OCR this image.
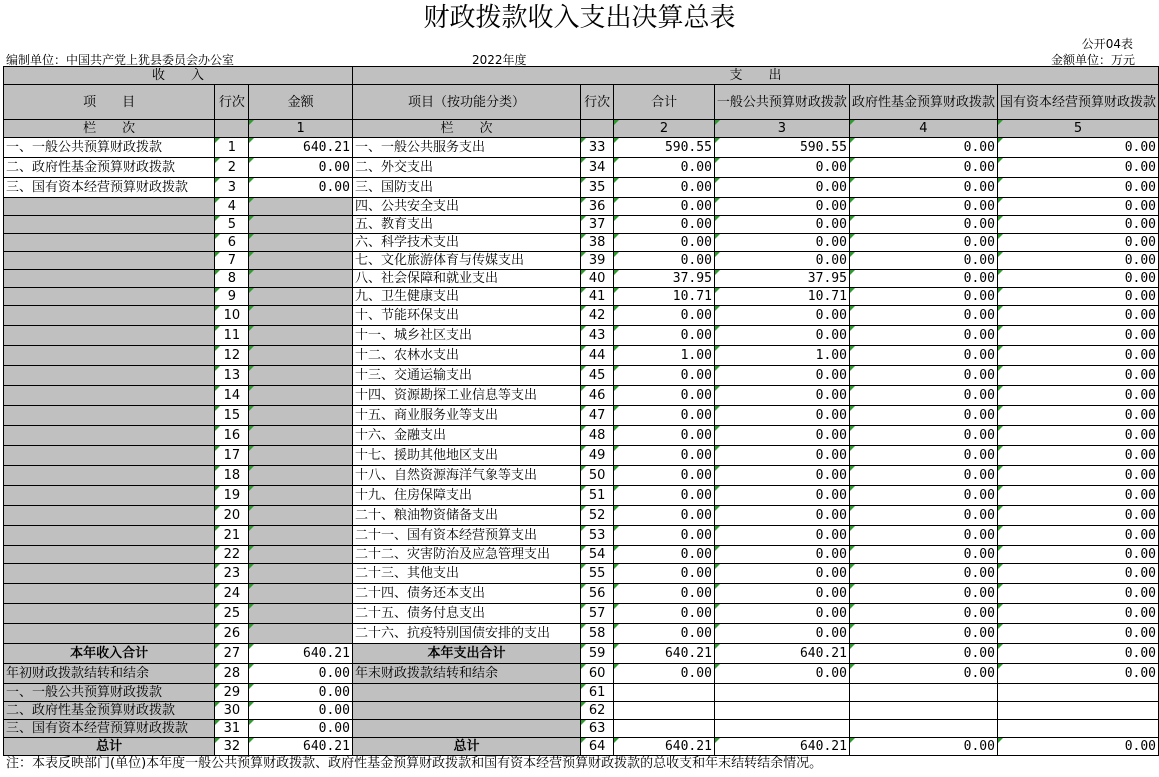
财政拨款收入支出决算总表
公开04表
编制单位：中国共产党上犹县委员会办公室	2022年度	金额单位：万元
收　　入			支　　出					
项　　目	行次	金额	项目（按功能分类）	行次	合计	一般公共预算财政拨款	政府性基金预算财政拨款	国有资本经营预算财政拨款
栏　　次		1	栏　　次		2	3	4	5
一、一般公共预算财政拨款	1	640.21	一、一般公共服务支出	33	590.55	590.55	0.00	0.00
二、政府性基金预算财政拨款	2	0.00	二、外交支出	34	0.00	0.00	0.00	0.00
三、国有资本经营预算财政拨款	3	0.00	三、国防支出	35	0.00	0.00	0.00	0.00
	4		四、公共安全支出	36	0.00	0.00	0.00	0.00
	5		五、教育支出	37	0.00	0.00	0.00	0.00
	6		六、科学技术支出	38	0.00	0.00	0.00	0.00
	7		七、文化旅游体育与传媒支出	39	0.00	0.00	0.00	0.00
	8		八、社会保障和就业支出	40	37.95	37.95	0.00	0.00
	9		九、卫生健康支出	41	10.71	10.71	0.00	0.00
	10		十、节能环保支出	42	0.00	0.00	0.00	0.00
	11		十一、城乡社区支出	43	0.00	0.00	0.00	0.00
	12		十二、农林水支出	44	1.00	1.00	0.00	0.00
	13		十三、交通运输支出	45	0.00	0.00	0.00	0.00
	14		十四、资源勘探工业信息等支出	46	0.00	0.00	0.00	0.00
	15		十五、商业服务业等支出	47	0.00	0.00	0.00	0.00
	16		十六、金融支出	48	0.00	0.00	0.00	0.00
	17		十七、援助其他地区支出	49	0.00	0.00	0.00	0.00
	18		十八、自然资源海洋气象等支出	50	0.00	0.00	0.00	0.00
	19		十九、住房保障支出	51	0.00	0.00	0.00	0.00
	20		二十、粮油物资储备支出	52	0.00	0.00	0.00	0.00
	21		二十一、国有资本经营预算支出	53	0.00	0.00	0.00	0.00
	22		二十二、灾害防治及应急管理支出	54	0.00	0.00	0.00	0.00
	23		二十三、其他支出	55	0.00	0.00	0.00	0.00
	24		二十四、债务还本支出	56	0.00	0.00	0.00	0.00
	25		二十五、债务付息支出	57	0.00	0.00	0.00	0.00
	26		二十六、抗疫特别国债安排的支出	58	0.00	0.00	0.00	0.00
本年收入合计	27	640.21	本年支出合计	59	640.21	640.21	0.00	0.00
年初财政拨款结转和结余	28	0.00	年末财政拨款结转和结余	60	0.00	0.00	0.00	0.00
一、一般公共预算财政拨款	29	0.00		61				
二、政府性基金预算财政拨款	30	0.00		62				
三、国有资本经营预算财政拨款	31	0.00		63				
总计	32	640.21	总计	64	640.21	640.21	0.00	0.00
注：本表反映部门(单位)本年度一般公共预算财政拨款、政府性基金预算财政拨款和国有资本经营预算财政拨款的总收支和年末结转结余情况。
